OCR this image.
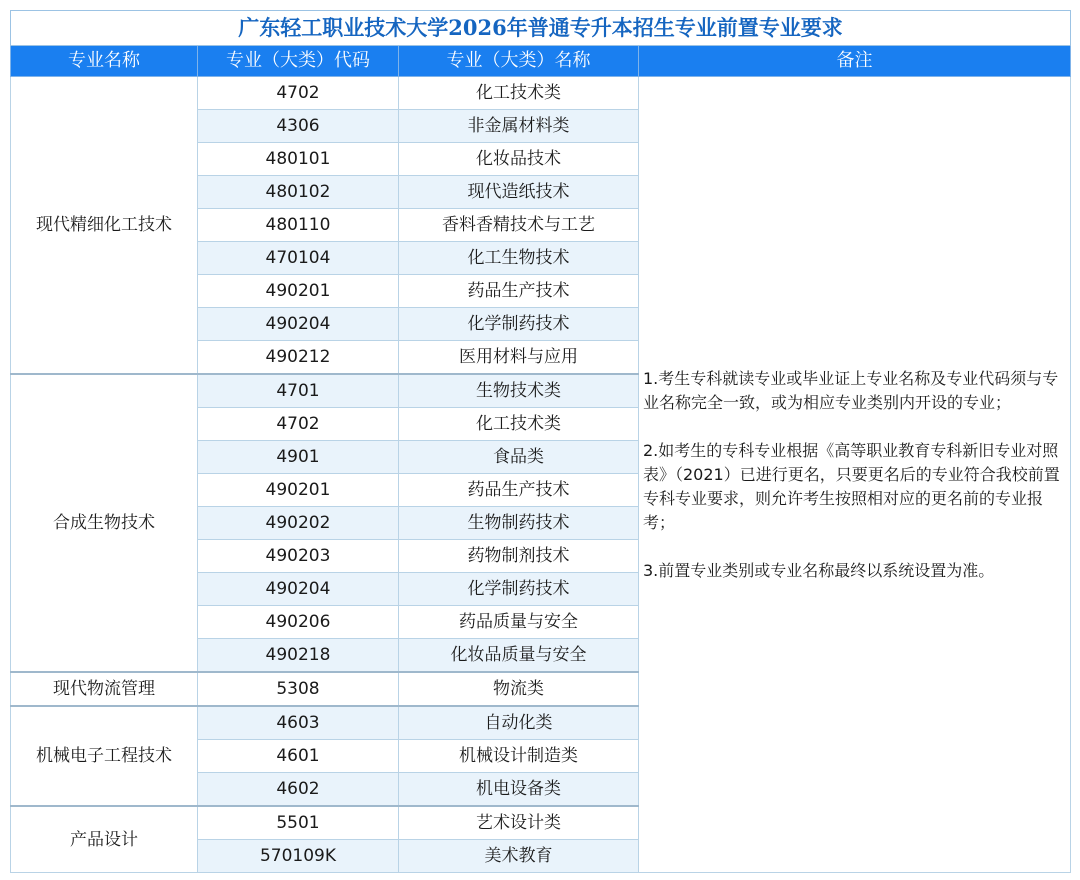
广东轻工职业技术大学2026年普通专升本招生专业前置专业要求			
专业名称	专业（大类）代码	专业（大类）名称	备注
现代精细化工技术	4702	化工技术类	1.考生专科就读专业或毕业证上专业名称及专业代码须与专业名称完全一致，或为相应专业类别内开设的专业；

2.如考生的专科专业根据《高等职业教育专科新旧专业对照表》（2021）已进行更名，只要更名后的专业符合我校前置专科专业要求，则允许考生按照相对应的更名前的专业报考；

3.前置专业类别或专业名称最终以系统设置为准。

	4306	非金属材料类	
	480101	化妆品技术	
	480102	现代造纸技术	
	480110	香料香精技术与工艺	
	470104	化工生物技术	
	490201	药品生产技术	
	490204	化学制药技术	
	490212	医用材料与应用	
合成生物技术	4701	生物技术类	
	4702	化工技术类	
	4901	食品类	
	490201	药品生产技术	
	490202	生物制药技术	
	490203	药物制剂技术	
	490204	化学制药技术	
	490206	药品质量与安全	
	490218	化妆品质量与安全	
现代物流管理	5308	物流类	
机械电子工程技术	4603	自动化类	
	4601	机械设计制造类	
	4602	机电设备类	
产品设计	5501	艺术设计类	
	570109K	美术教育	
